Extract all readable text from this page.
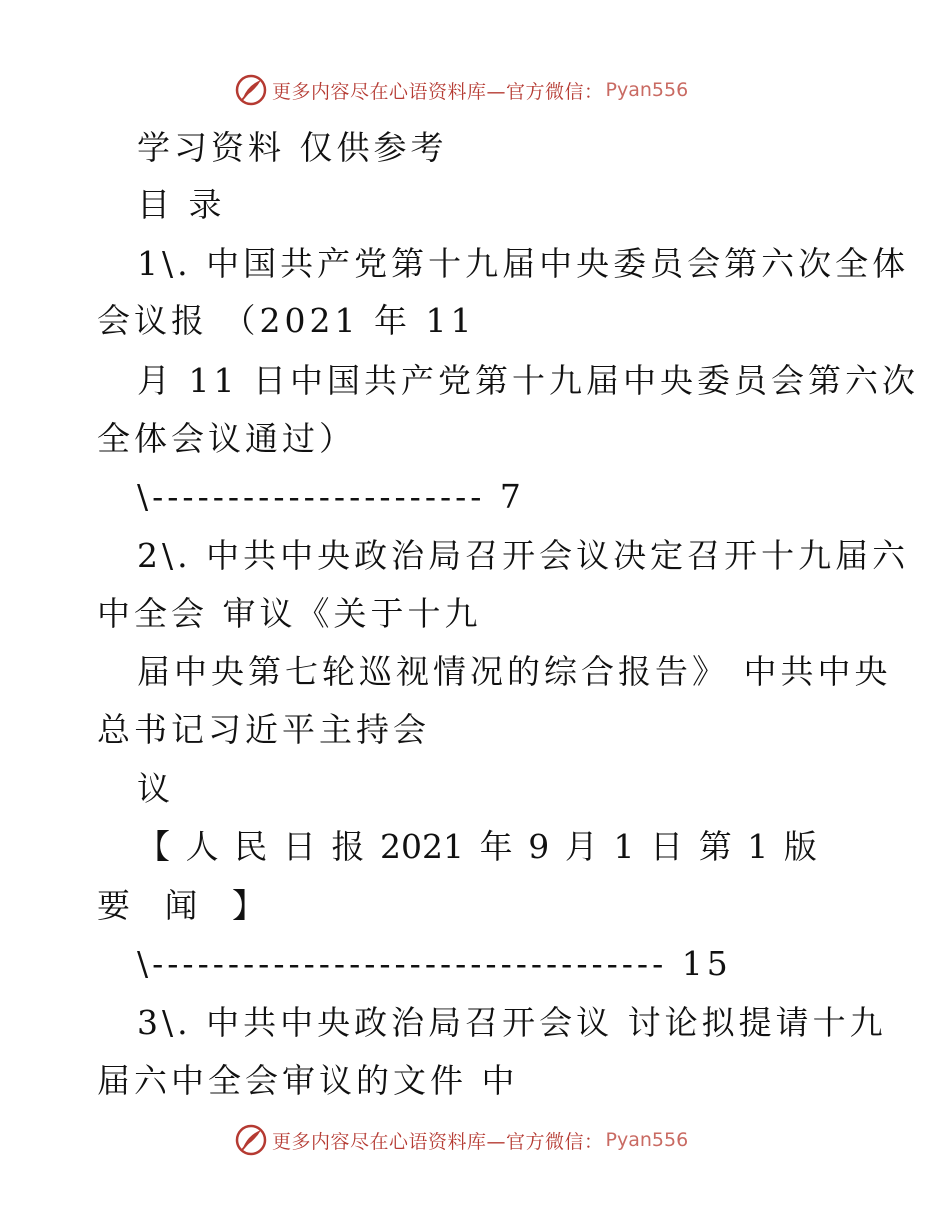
更多内容尽在心语资料库—官方微信： Pyan556
学习资料 仅供参考
目 录
1\. 中国共产党第十九届中央委员会第六次全体
会议报 （2021 年 11
月 11 日中国共产党第十九届中央委员会第六次
全体会议通过）
\---------------------- 7
2\. 中共中央政治局召开会议决定召开十九届六
中全会 审议《关于十九
届中央第七轮巡视情况的综合报告》 中共中央
总书记习近平主持会
议
【 人 民 日 报 2021 年 9 月 1 日 第 1 版
要 闻 】
\---------------------------------- 15
3\. 中共中央政治局召开会议 讨论拟提请十九
届六中全会审议的文件 中
更多内容尽在心语资料库—官方微信： Pyan556
